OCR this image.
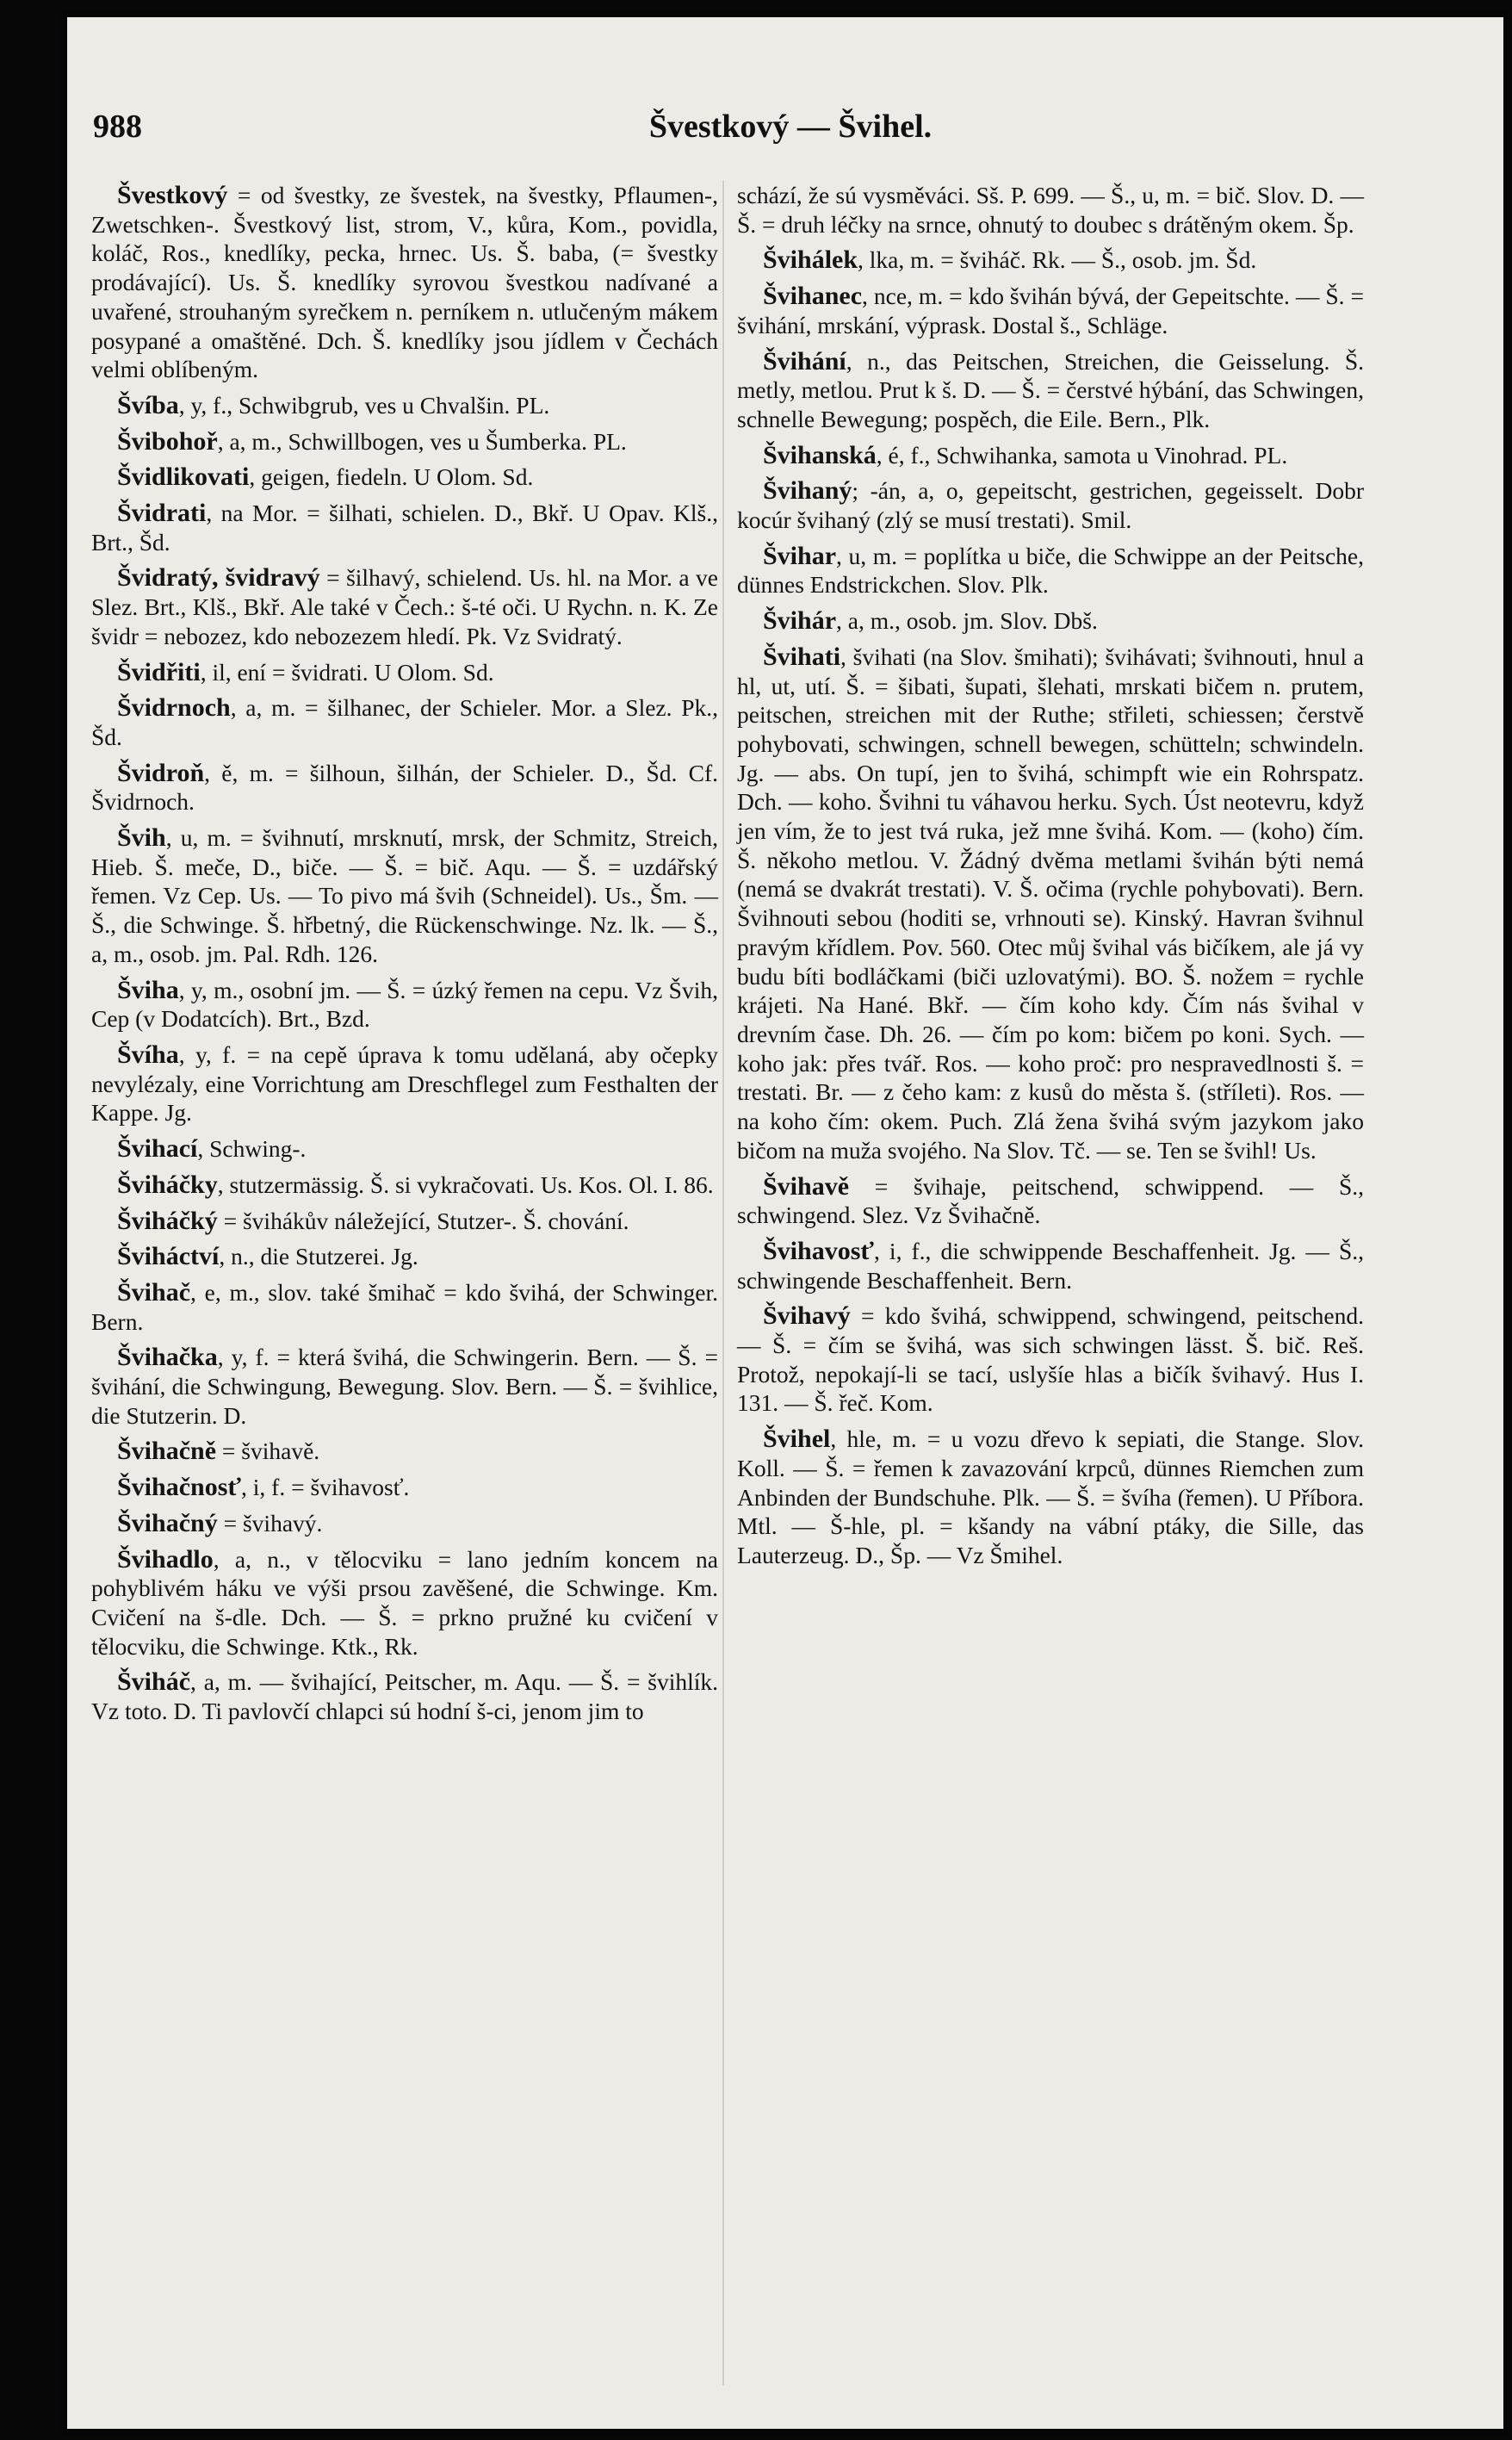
988	Švestkový — Švihel.

Švestkový = od švestky, ze švestek, na švestky, Pflaumen-, Zwetschken-. Švestkový list, strom, V., kůra, Kom., povidla, koláč, Ros., knedlíky, pecka, hrnec. Us. Š. baba, (= švestky prodávající). Us. Š. knedlíky syrovou švestkou nadívané a uvařené, strouhaným syrečkem n. perníkem n. utlučeným mákem posypané a omaštěné. Dch. Š. knedlíky jsou jídlem v Čechách velmi oblíbeným.

Švíba, y, f., Schwibgrub, ves u Chvalšin. PL.

Švibohoř, a, m., Schwillbogen, ves u Šumberka. PL.

Švidlikovati, geigen, fiedeln. U Olom. Sd.

Švidrati, na Mor. = šilhati, schielen. D., Bkř. U Opav. Klš., Brt., Šd.

Švidratý, švidravý = šilhavý, schielend. Us. hl. na Mor. a ve Slez. Brt., Klš., Bkř. Ale také v Čech.: š-té oči. U Rychn. n. K. Ze švidr = nebozez, kdo nebozezem hledí. Pk. Vz Svidratý.

Švidřiti, il, ení = švidrati. U Olom. Sd.

Švidrnoch, a, m. = šilhanec, der Schieler. Mor. a Slez. Pk., Šd.

Švidroň, ě, m. = šilhoun, šilhán, der Schieler. D., Šd. Cf. Švidrnoch.

Švih, u, m. = švihnutí, mrsknutí, mrsk, der Schmitz, Streich, Hieb. Š. meče, D., biče. — Š. = bič. Aqu. — Š. = uzdářský řemen. Vz Cep. Us. — To pivo má švih (Schneidel). Us., Šm. — Š., die Schwinge. Š. hřbetný, die Rückenschwinge. Nz. lk. — Š., a, m., osob. jm. Pal. Rdh. 126.

Šviha, y, m., osobní jm. — Š. = úzký řemen na cepu. Vz Švih, Cep (v Dodatcích). Brt., Bzd.

Švíha, y, f. = na cepě úprava k tomu udělaná, aby očepky nevylézaly, eine Vorrichtung am Dreschflegel zum Festhalten der Kappe. Jg.

Švihací, Schwing-.

Šviháčky, stutzermässig. Š. si vykračovati. Us. Kos. Ol. I. 86.

Šviháčký = švihákův náležející, Stutzer-. Š. chování.

Šviháctví, n., die Stutzerei. Jg.

Švihač, e, m., slov. také šmihač = kdo švihá, der Schwinger. Bern.

Švihačka, y, f. = která švihá, die Schwingerin. Bern. — Š. = švihání, die Schwingung, Bewegung. Slov. Bern. — Š. = švihlice, die Stutzerin. D.

Švihačně = švihavě.

Švihačnosť, i, f. = švihavosť.

Švihačný = švihavý.

Švihadlo, a, n., v tělocviku = lano jedním koncem na pohyblivém háku ve výši prsou zavěšené, die Schwinge. Km. Cvičení na š-dle. Dch. — Š. = prkno pružné ku cvičení v tělocviku, die Schwinge. Ktk., Rk.

Šviháč, a, m. — švihající, Peitscher, m. Aqu. — Š. = švihlík. Vz toto. D. Ti pavlovčí chlapci sú hodní š-ci, jenom jim to

schází, že sú vysměváci. Sš. P. 699. — Š., u, m. = bič. Slov. D. — Š. = druh léčky na srnce, ohnutý to doubec s drátěným okem. Šp.

Švihálek, lka, m. = šviháč. Rk. — Š., osob. jm. Šd.

Švihanec, nce, m. = kdo švihán bývá, der Gepeitschte. — Š. = švihání, mrskání, výprask. Dostal š., Schläge.

Švihání, n., das Peitschen, Streichen, die Geisselung. Š. metly, metlou. Prut k š. D. — Š. = čerstvé hýbání, das Schwingen, schnelle Bewegung; pospěch, die Eile. Bern., Plk.

Švihanská, é, f., Schwihanka, samota u Vinohrad. PL.

Švihaný; -án, a, o, gepeitscht, gestrichen, gegeisselt. Dobr kocúr švihaný (zlý se musí trestati). Smil.

Švihar, u, m. = poplítka u biče, die Schwippe an der Peitsche, dünnes Endstrickchen. Slov. Plk.

Švihár, a, m., osob. jm. Slov. Dbš.

Švihati, švihati (na Slov. šmihati); švihávati; švihnouti, hnul a hl, ut, utí. Š. = šibati, šupati, šlehati, mrskati bičem n. prutem, peitschen, streichen mit der Ruthe; střileti, schiessen; čerstvě pohybovati, schwingen, schnell bewegen, schütteln; schwindeln. Jg. — abs. On tupí, jen to švihá, schimpft wie ein Rohrspatz. Dch. — koho. Švihni tu váhavou herku. Sych. Úst neotevru, když jen vím, že to jest tvá ruka, jež mne švihá. Kom. — (koho) čím. Š. někoho metlou. V. Žádný dvěma metlami švihán býti nemá (nemá se dvakrát trestati). V. Š. očima (rychle pohybovati). Bern. Švihnouti sebou (hoditi se, vrhnouti se). Kinský. Havran švihnul pravým křídlem. Pov. 560. Otec můj švihal vás bičíkem, ale já vy budu bíti bodláčkami (biči uzlovatými). BO. Š. nožem = rychle krájeti. Na Hané. Bkř. — čím koho kdy. Čím nás švihal v drevním čase. Dh. 26. — čím po kom: bičem po koni. Sych. — koho jak: přes tvář. Ros. — koho proč: pro nespravedlnosti š. = trestati. Br. — z čeho kam: z kusů do města š. (stříleti). Ros. — na koho čím: okem. Puch. Zlá žena švihá svým jazykom jako bičom na muža svojého. Na Slov. Tč. — se. Ten se švihl! Us.

Švihavě = švihaje, peitschend, schwippend. — Š., schwingend. Slez. Vz Švihačně.

Švihavosť, i, f., die schwippende Beschaffenheit. Jg. — Š., schwingende Beschaffenheit. Bern.

Švihavý = kdo švihá, schwippend, schwingend, peitschend. — Š. = čím se švihá, was sich schwingen lässt. Š. bič. Reš. Protož, nepokají-li se tací, uslyšíe hlas a bičík švihavý. Hus I. 131. — Š. řeč. Kom.

Švihel, hle, m. = u vozu dřevo k sepiati, die Stange. Slov. Koll. — Š. = řemen k zavazování krpců, dünnes Riemchen zum Anbinden der Bundschuhe. Plk. — Š. = švíha (řemen). U Příbora. Mtl. — Š-hle, pl. = kšandy na vábní ptáky, die Sille, das Lauterzeug. D., Šp. — Vz Šmihel.
